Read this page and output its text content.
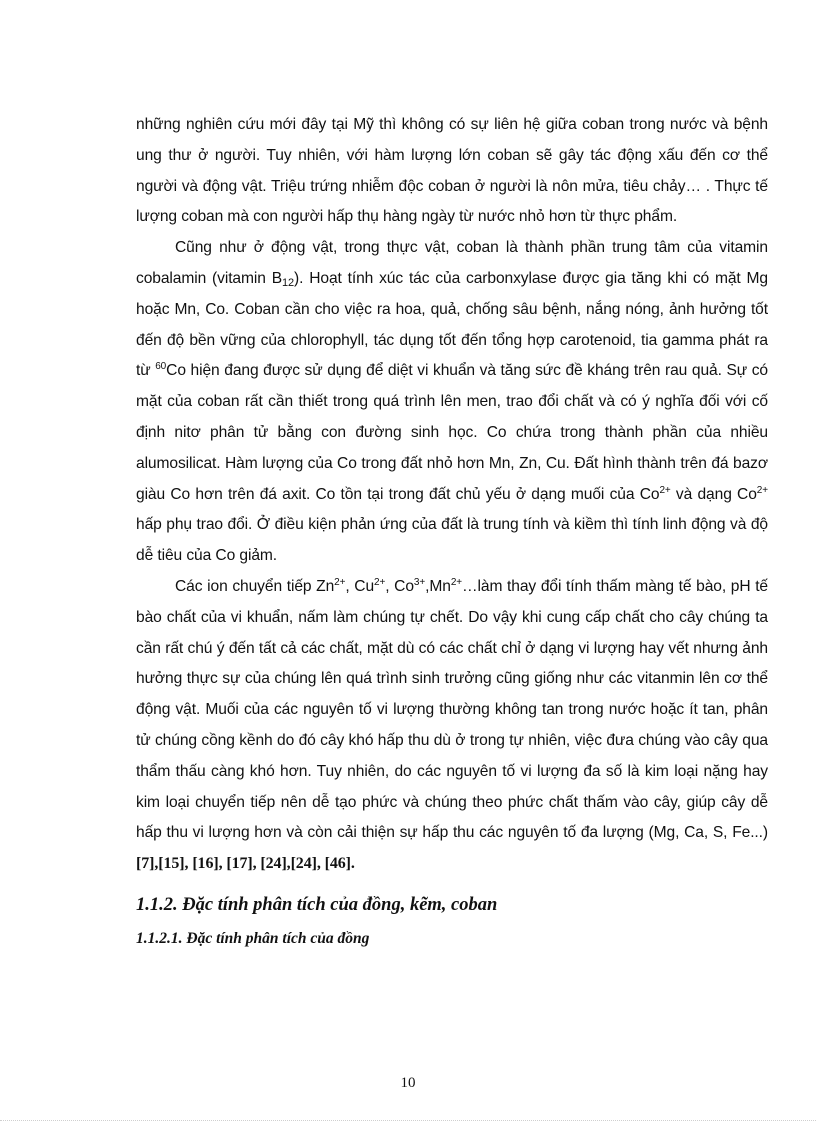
những nghiên cứu mới đây tại Mỹ thì không có sự liên hệ giữa coban trong nước và bệnh ung thư ở người. Tuy nhiên, với hàm lượng lớn coban sẽ gây tác động xấu đến cơ thể người và động vật. Triệu trứng nhiễm độc coban ở người là nôn mửa, tiêu chảy… . Thực tế lượng coban mà con người hấp thụ hàng ngày từ nước nhỏ hơn từ thực phẩm.

Cũng như ở động vật, trong thực vật, coban là thành phần trung tâm của vitamin cobalamin (vitamin $B_{12}$). Hoạt tính xúc tác của carbonxylase được gia tăng khi có mặt Mg hoặc Mn, Co. Coban cần cho việc ra hoa, quả, chống sâu bệnh, nắng nóng, ảnh hưởng tốt đến độ bền vững của chlorophyll, tác dụng tốt đến tổng hợp carotenoid, tia gamma phát ra từ $^{60}$Co hiện đang được sử dụng để diệt vi khuẩn và tăng sức đề kháng trên rau quả. Sự có mặt của coban rất cần thiết trong quá trình lên men, trao đổi chất và có ý nghĩa đối với cố định nitơ phân tử bằng con đường sinh học. Co chứa trong thành phần của nhiều alumosilicat. Hàm lượng của Co trong đất nhỏ hơn Mn, Zn, Cu. Đất hình thành trên đá bazơ giàu Co hơn trên đá axit. Co tồn tại trong đất chủ yếu ở dạng muối của $Co^{2+}$ và dạng $Co^{2+}$ hấp phụ trao đổi. Ở điều kiện phản ứng của đất là trung tính và kiềm thì tính linh động và độ dễ tiêu của Co giảm.

Các ion chuyển tiếp $Zn^{2+}$, $Cu^{2+}$, $Co^{3+},Mn^{2+}\dots làm$ thay đổi tính thấm màng tế bào, pH tế bào chất của vi khuẩn, nấm làm chúng tự chết. Do vậy khi cung cấp chất cho cây chúng ta cần rất chú ý đến tất cả các chất, mặt dù có các chất chỉ ở dạng vi lượng hay vết nhưng ảnh hưởng thực sự của chúng lên quá trình sinh trưởng cũng giống như các vitanmin lên cơ thể động vật. Muối của các nguyên tố vi lượng thường không tan trong nước hoặc ít tan, phân tử chúng cồng kềnh do đó cây khó hấp thu dù ở trong tự nhiên, việc đưa chúng vào cây qua thẩm thấu càng khó hơn. Tuy nhiên, do các nguyên tố vi lượng đa số là kim loại nặng hay kim loại chuyển tiếp nên dễ tạo phức và chúng theo phức chất thấm vào cây, giúp cây dễ hấp thu vi lượng hơn và còn cải thiện sự hấp thu các nguyên tố đa lượng (Mg, Ca, S, Fe...) [7],[15], [16], [17], [24],[24], [46].

1.1.2. Đặc tính phân tích của đồng, kẽm, coban
1.1.2.1. Đặc tính phân tích của đồng
10
